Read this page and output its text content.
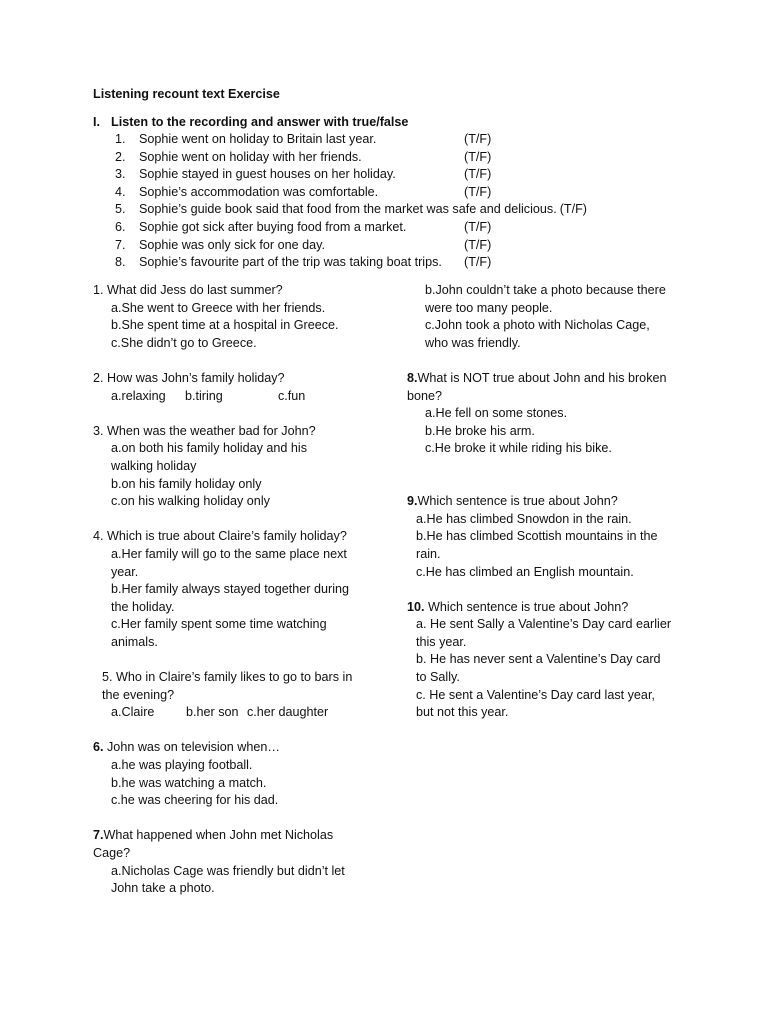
Listening recount text Exercise
I. Listen to the recording and answer with true/false
1. Sophie went on holiday to Britain last year.	(T/F)
2. Sophie went on holiday with her friends.	(T/F)
3. Sophie stayed in guest houses on her holiday.	(T/F)
4. Sophie’s accommodation was comfortable.	(T/F)
5. Sophie’s guide book said that food from the market was safe and delicious. (T/F)
6. Sophie got sick after buying food from a market.	(T/F)
7. Sophie was only sick for one day.	(T/F)
8. Sophie’s favourite part of the trip was taking boat trips. (T/F)
1. What did Jess do last summer?
a.She went to Greece with her friends.
b.She spent time at a hospital in Greece.
c.She didn’t go to Greece.
2. How was John’s family holiday?
a.relaxing b.tiring	c.fun
3. When was the weather bad for John?
a.on both his family holiday and his
walking holiday
b.on his family holiday only
c.on his walking holiday only
4. Which is true about Claire’s family holiday?
a.Her family will go to the same place next
year.
b.Her family always stayed together during
the holiday.
c.Her family spent some time watching
animals.
5. Who in Claire’s family likes to go to bars in
the evening?
a.Claire	b.her son c.her daughter
6. John was on television when…
a.he was playing football.
b.he was watching a match.
c.he was cheering for his dad.
7.What happened when John met Nicholas
Cage?
a.Nicholas Cage was friendly but didn’t let
John take a photo.
b.John couldn’t take a photo because there
were too many people.
c.John took a photo with Nicholas Cage,
who was friendly.
8.What is NOT true about John and his broken
bone?
a.He fell on some stones.
b.He broke his arm.
c.He broke it while riding his bike.
9.Which sentence is true about John?
a.He has climbed Snowdon in the rain.
b.He has climbed Scottish mountains in the
rain.
c.He has climbed an English mountain.
10. Which sentence is true about John?
a. He sent Sally a Valentine’s Day card earlier
this year.
b. He has never sent a Valentine’s Day card
to Sally.
c. He sent a Valentine’s Day card last year,
but not this year.
